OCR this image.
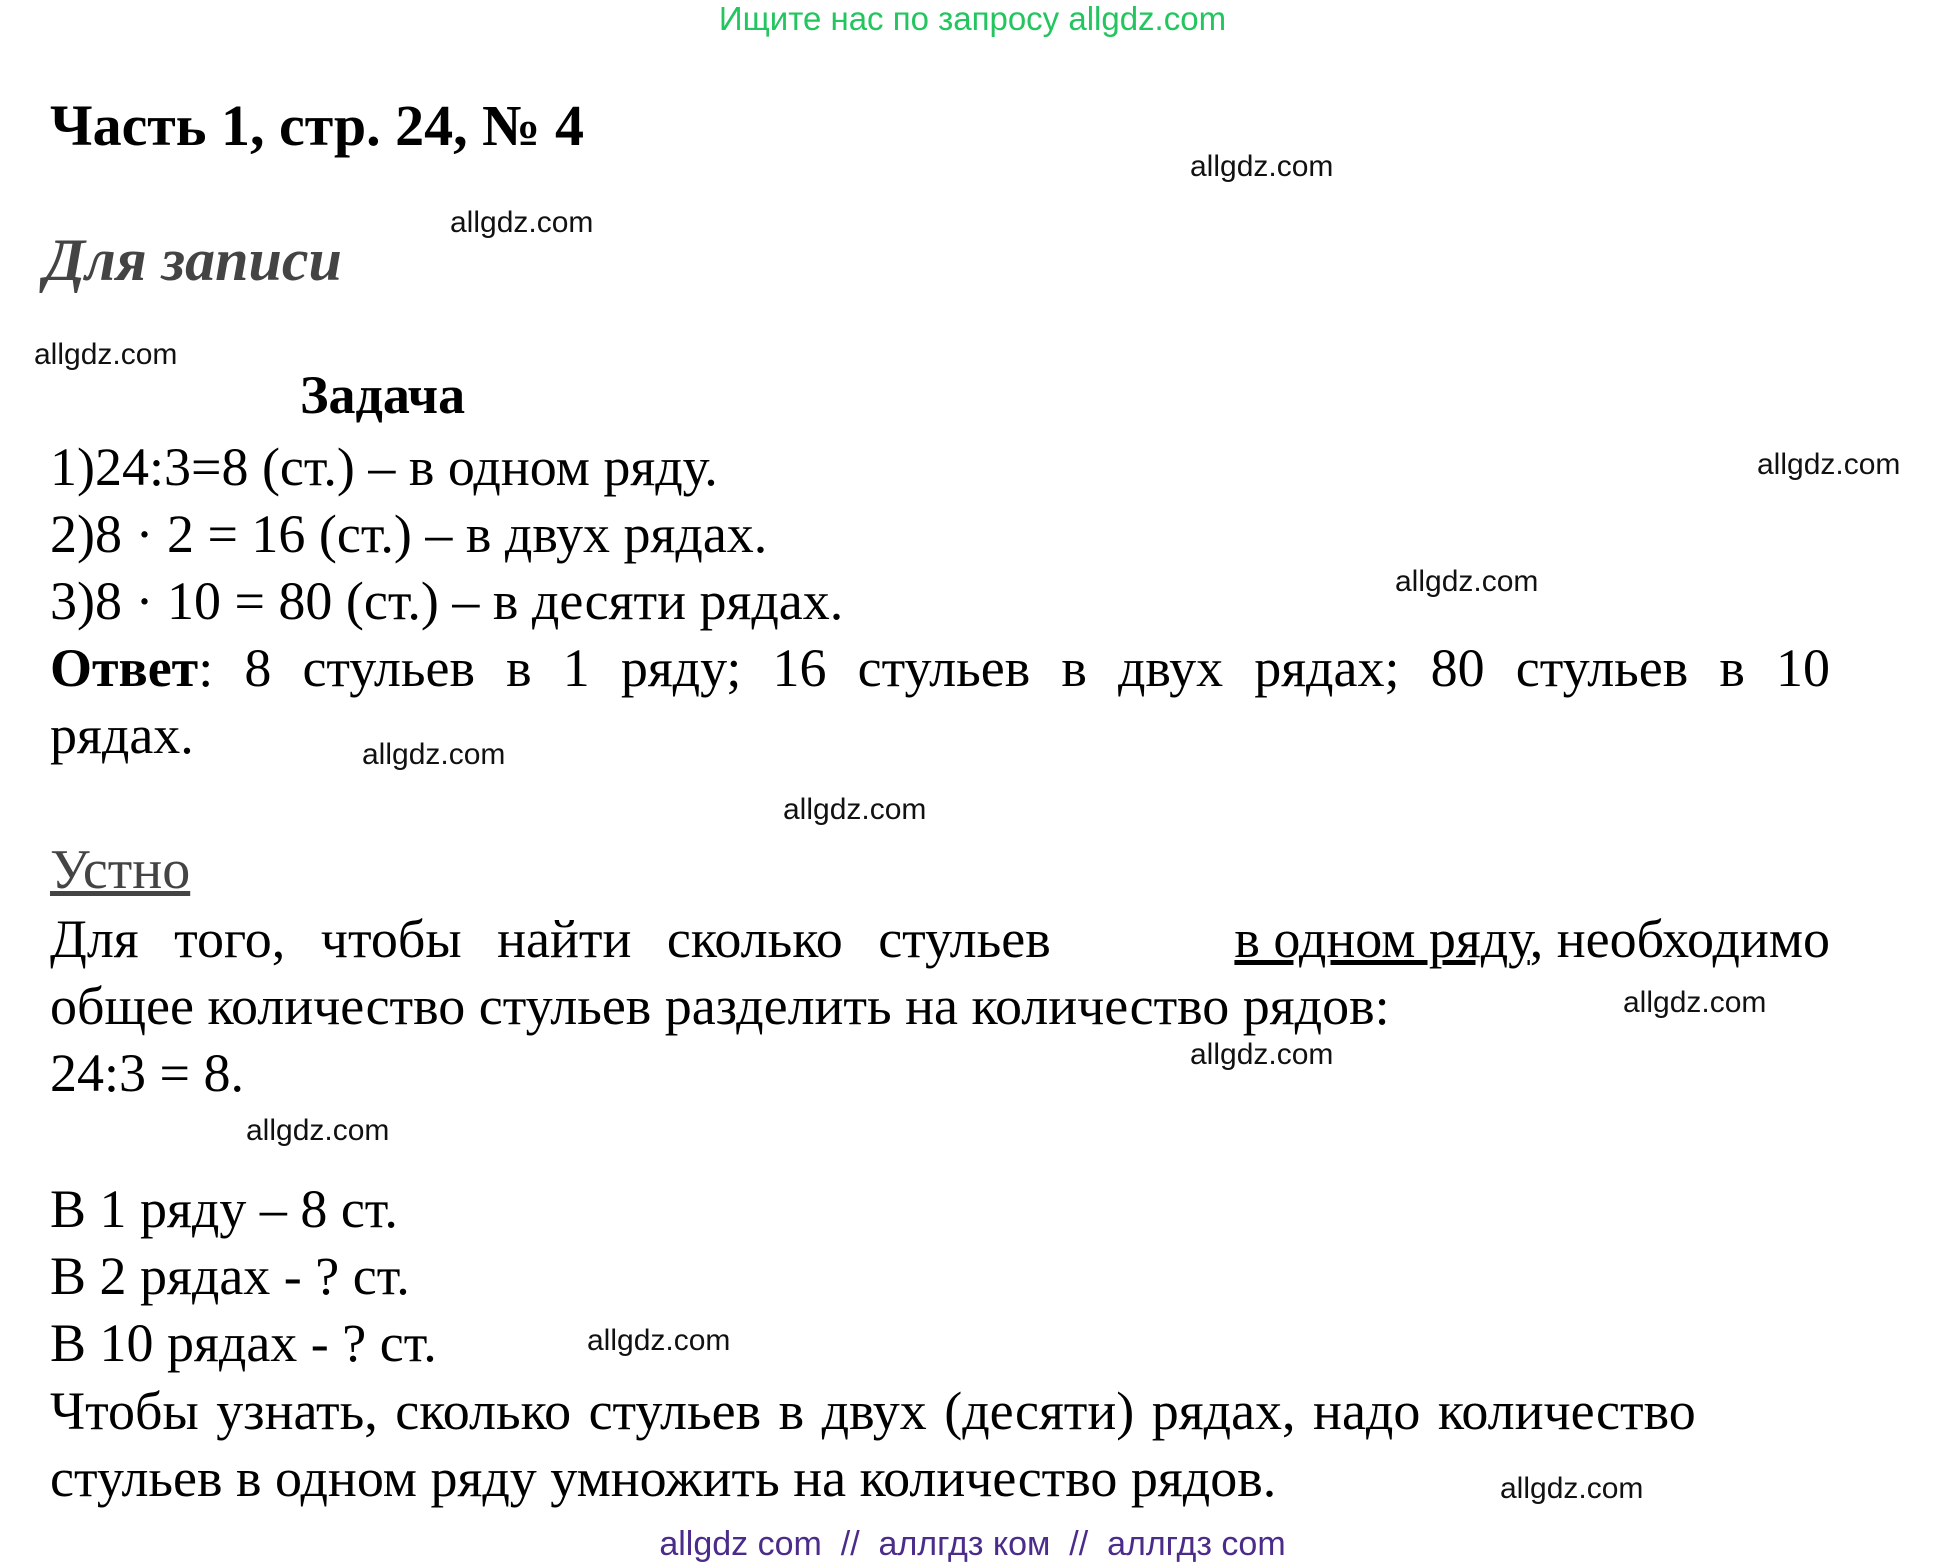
Ищите нас по запросу allgdz.com
Часть 1, стр. 24, № 4
Для записи
Задача
1)24:3=8 (ст.) – в одном ряду.
2)8 · 2 = 16 (ст.) – в двух рядах.
3)8 · 10 = 80 (ст.) – в десяти рядах.
Ответ : 8 стульев в 1 ряду; 16 стульев в двух рядах; 80 стульев в 10
рядах.
Устно
Для того, чтобы найти сколько стульев	в одном ряду, необходимо
общее количество стульев разделить на количество рядов:
24:3 = 8.
В 1 ряду – 8 ст.
В 2 рядах - ? ст.
В 10 рядах - ? ст.
Чтобы узнать, сколько стульев в двух (десяти) рядах, надо количество
стульев в одном ряду умножить на количество рядов.
allgdz.com
allgdz.com
allgdz.com
allgdz.com
allgdz.com
allgdz.com
allgdz.com
allgdz.com
allgdz.com
allgdz.com
allgdz.com
allgdz.com
allgdz com  //  аллгдз ком  //  аллгдз com
